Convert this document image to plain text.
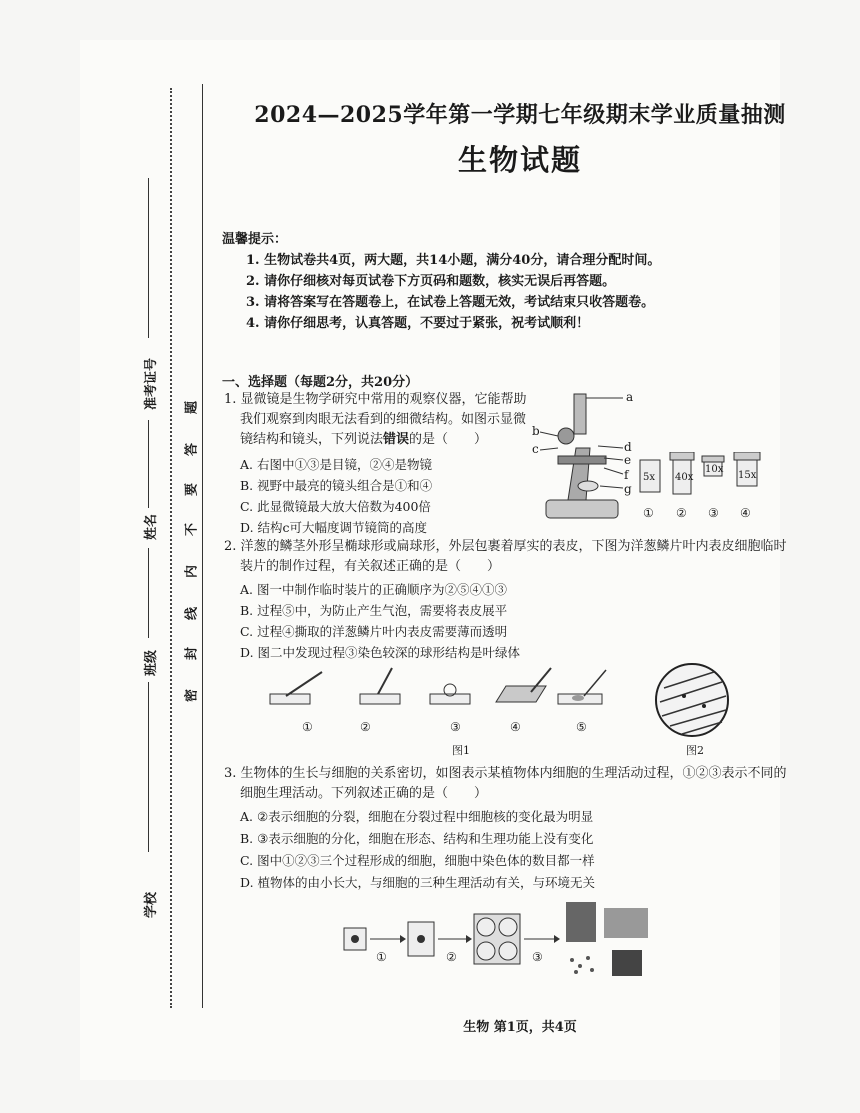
准考证号
姓名
班级
学校
题
答
要
不
内
线
封
密
2024—2025学年第一学期七年级期末学业质量抽测
生物试题
温馨提示：
1. 生物试卷共4页，两大题，共14小题，满分40分，请合理分配时间。
2. 请你仔细核对每页试卷下方页码和题数，核实无误后再答题。
3. 请将答案写在答题卷上，在试卷上答题无效，考试结束只收答题卷。
4. 请你仔细思考，认真答题，不要过于紧张，祝考试顺利！
一、选择题（每题2分，共20分）
1. 显微镜是生物学研究中常用的观察仪器，它能帮助
我们观察到肉眼无法看到的细微结构。如图示显微
镜结构和镜头，下列说法错误的是（　　）
A. 右图中①③是目镜，②④是物镜
B. 视野中最亮的镜头组合是①和④
C. 此显微镜最大放大倍数为400倍
D. 结构c可大幅度调节镜筒的高度
a
b
c	d
e
f
g
5x 40x
10x
15x
① ② ③ ④
2. 洋葱的鳞茎外形呈椭球形或扁球形，外层包裹着厚实的表皮，下图为洋葱鳞片叶内表皮细胞临时
装片的制作过程，有关叙述正确的是（　　）
A. 图一中制作临时装片的正确顺序为②⑤④①③
B. 过程⑤中，为防止产生气泡，需要将表皮展平
C. 过程④撕取的洋葱鳞片叶内表皮需要薄而透明
D. 图二中发现过程③染色较深的球形结构是叶绿体
①	②	③	④	⑤
图1	图2
3. 生物体的生长与细胞的关系密切，如图表示某植物体内细胞的生理活动过程，①②③表示不同的
细胞生理活动。下列叙述正确的是（　　）
A. ②表示细胞的分裂，细胞在分裂过程中细胞核的变化最为明显
B. ③表示细胞的分化，细胞在形态、结构和生理功能上没有变化
C. 图中①②③三个过程形成的细胞，细胞中染色体的数目都一样
D. 植物体的由小长大，与细胞的三种生理活动有关，与环境无关
①	②	③
生物 第1页，共4页
